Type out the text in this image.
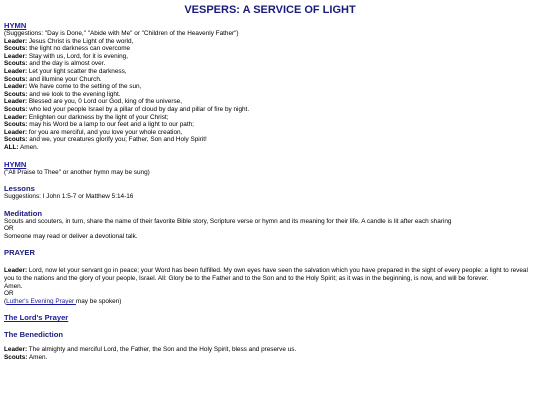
VESPERS: A SERVICE OF LIGHT
HYMN
(Suggestions: "Day is Done," "Abide with Me" or "Children of the Heavenly Father")
Leader: Jesus Christ is the Light of the world,
Scouts: the light no darkness can overcome
Leader: Stay with us, Lord, for it is evening,
Scouts: and the day is almost over.
Leader: Let your light scatter the darkness,
Scouts: and illumine your Church.
Leader: We have come to the setting of the sun,
Scouts: and we look to the evening light.
Leader: Blessed are you, 0 Lord our God, king of the universe,
Scouts: who led your people Israel by a pillar of cloud by day and pillar of fire by night.
Leader: Enlighten our darkness by the light of your Christ;
Scouts: may his Word be a lamp to our feet and a light to our path;
Leader: for you are merciful, and you love your whole creation,
Scouts: and we, your creatures glorify you; Father, Son and Holy Spirit!
ALL: Amen.
HYMN
("All Praise to Thee" or another hymn may be sung)
Lessons
Suggestions: I John 1:5-7 or Matthew 5:14-16
Meditation
Scouts and scouters, in turn, share the name of their favorite Bible story, Scripture verse or hymn and its meaning for their life. A candle is lit after each sharing
OR
Someone may read or deliver a devotional talk.
PRAYER
Leader: Lord, now let your servant go in peace; your Word has been fulfilled. My own eyes have seen the salvation which you have prepared in the sight of every people: a light to reveal you to the nations and the glory of your people, Israel. All: Glory be to the Father and to the Son and to the Holy Spirit; as it was in the beginning, is now, and will be forever.
Amen.
OR
(Luther's Evening Prayer may be spoken)
The Lord's Prayer
The Benediction
Leader: The almighty and merciful Lord, the Father, the Son and the Holy Spirit, bless and preserve us.
Scouts: Amen.
